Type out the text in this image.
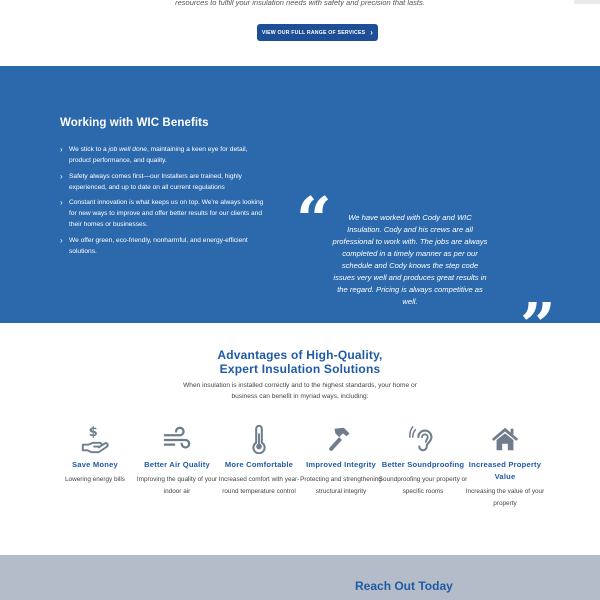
resources to fulfill your insulation needs with safety and precision that lasts.

VIEW OUR FULL RANGE OF SERVICES ›
Working with WIC Benefits
› We stick to a job well done, maintaining a keen eye for detail, product performance, and quality.
› Safety always comes first—our Installers are trained, highly experienced, and up to date on all current regulations
› Constant innovation is what keeps us on top. We're always looking for new ways to improve and offer better results for our clients and their homes or businesses.
› We offer green, eco-friendly, nonharmful, and energy-efficient solutions.	“	We have worked with Cody and WIC Insulation. Cody and his crews are all professional to work with. The jobs are always completed in a timely manner as per our schedule and Cody knows the step code issues very well and produces great results in the regard. Pricing is always competitive as well.

Advantages of High-Quality,
Expert Insulation Solutions

When insulation is installed correctly and to the highest standards, your home or business can benefit in myriad ways, including:

$
Save Money
Lowering energy bills
Better Air Quality
Improving the quality of your indoor air
More Comfortable
Increased comfort with year-round temperature control
Improved Integrity
Protecting and strengthening structural integrity
Better Soundproofing
Soundproofing your property or specific rooms
Increased Property Value
Increasing the value of your property
Reach Out Today
